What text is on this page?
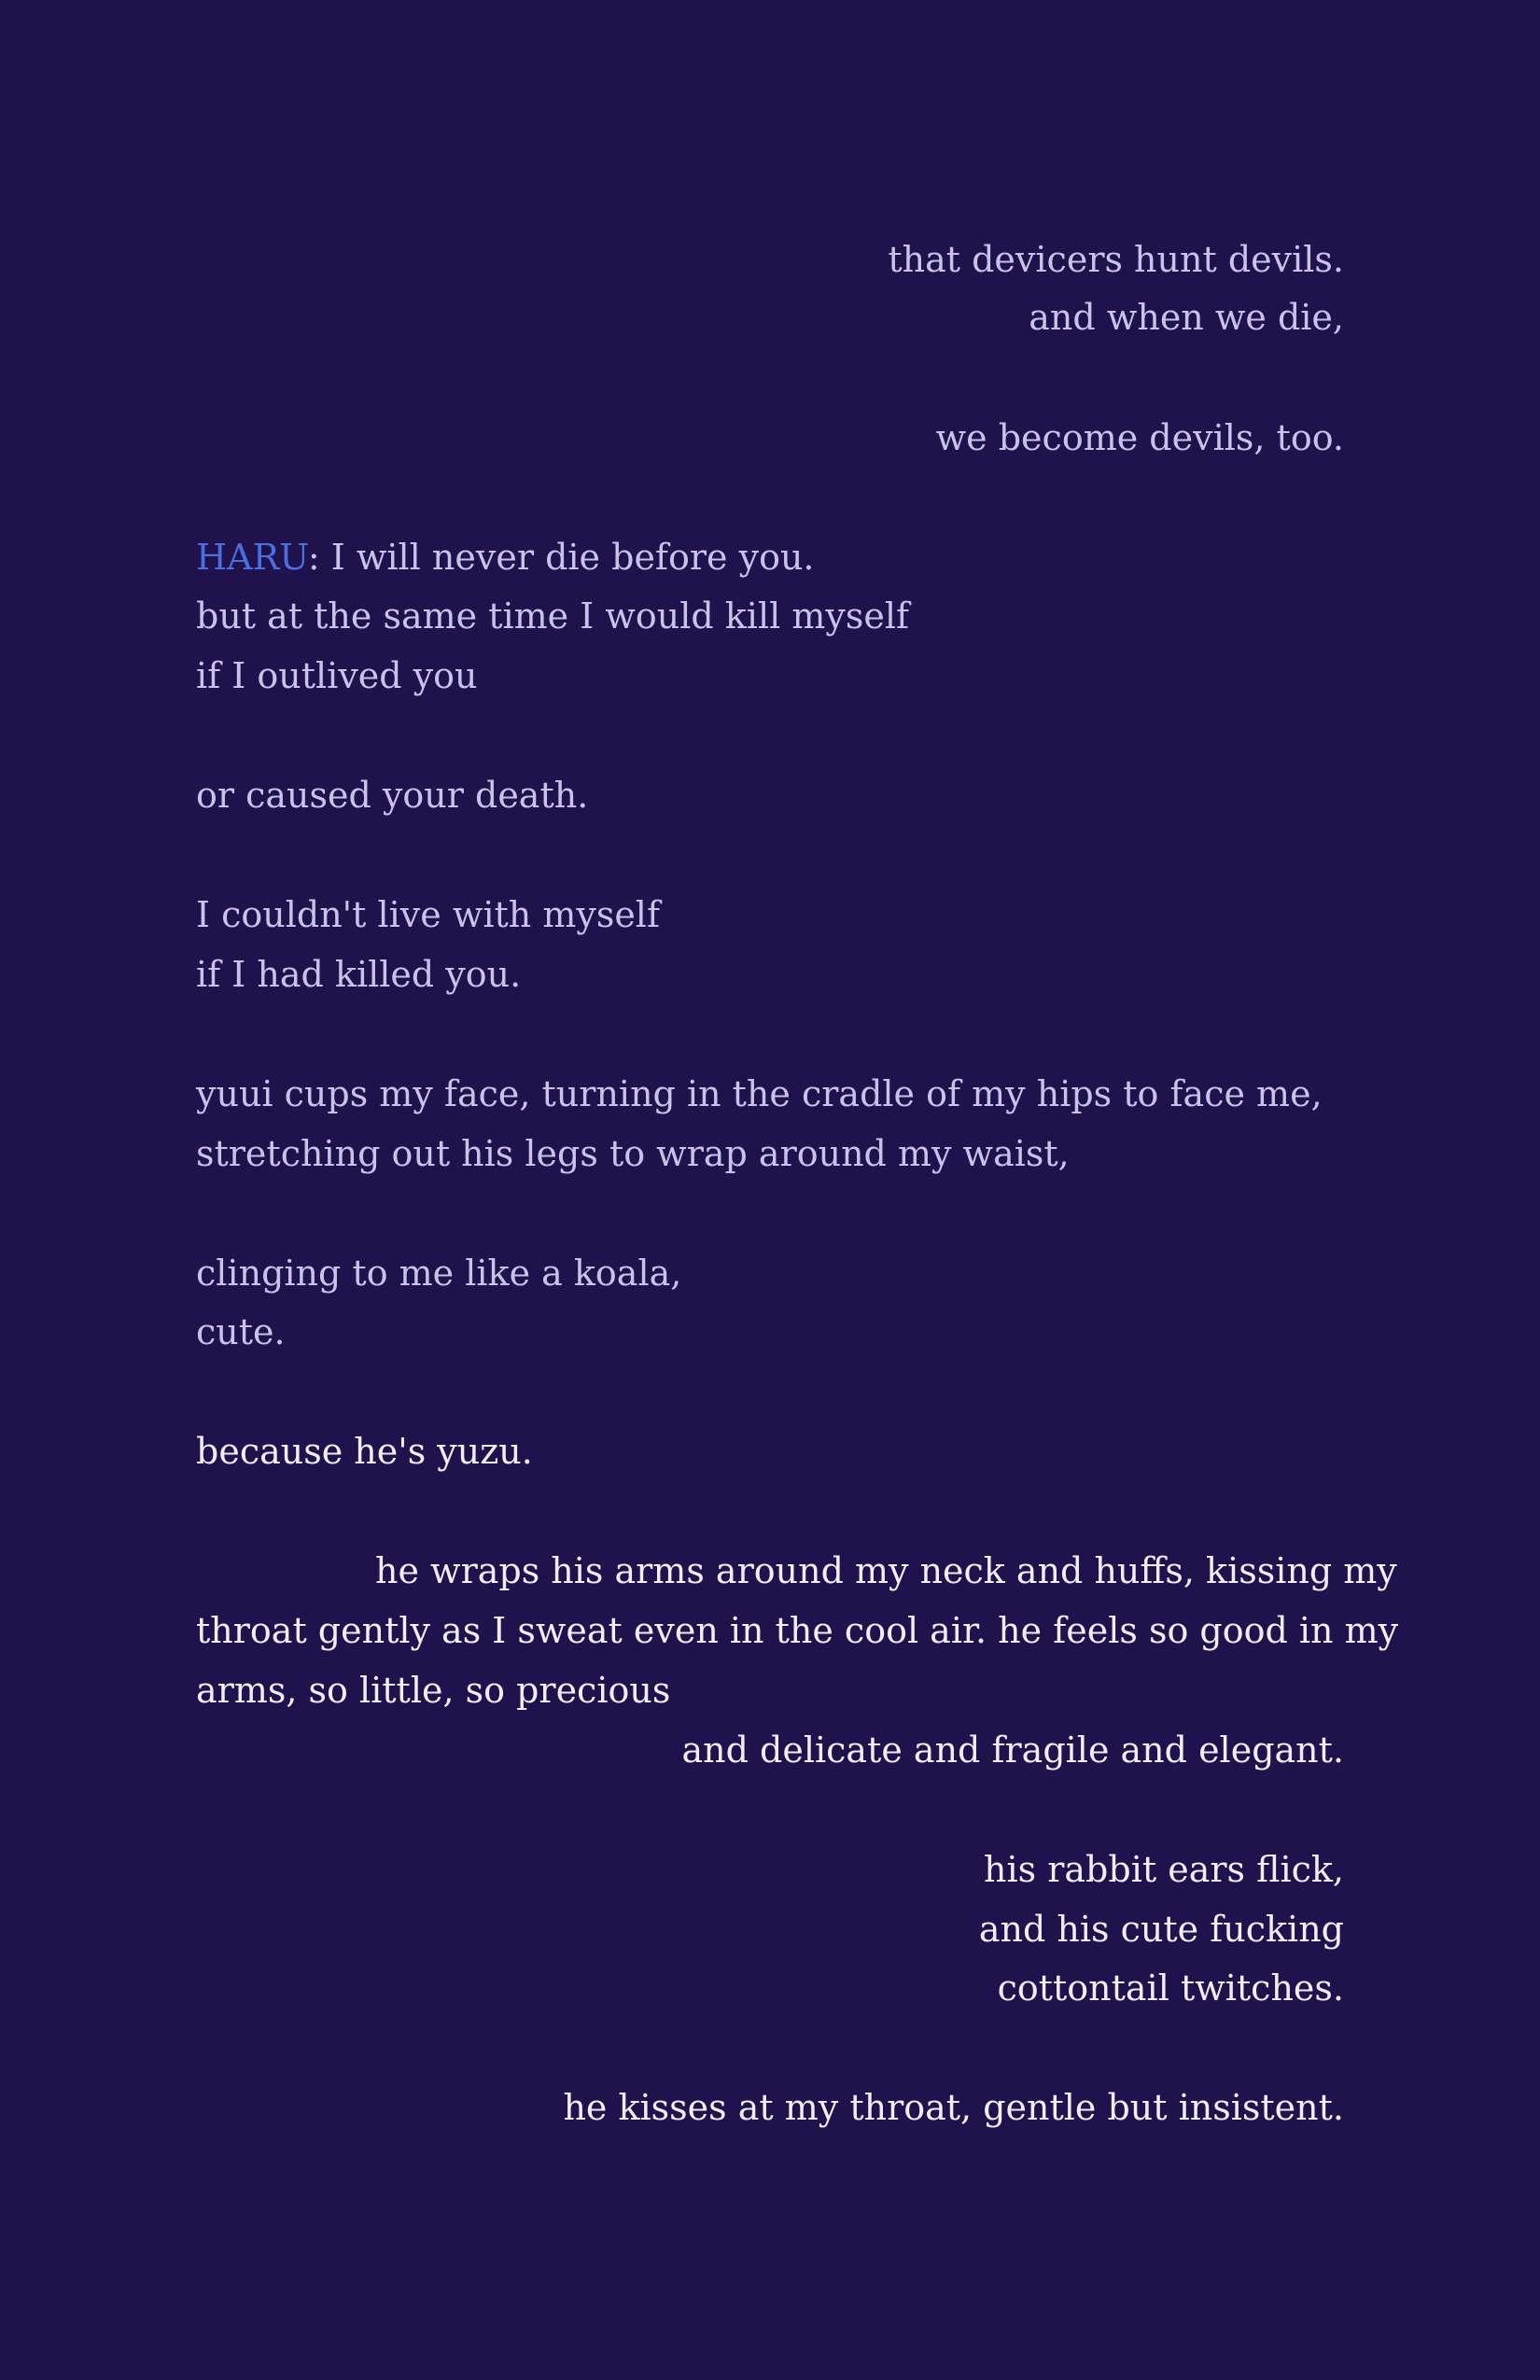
that devicers hunt devils.
and when we die,
we become devils, too.
HARU: I will never die before you.
but at the same time I would kill myself
if I outlived you
or caused your death.
I couldn't live with myself
if I had killed you.
yuui cups my face, turning in the cradle of my hips to face me,
stretching out his legs to wrap around my waist,
clinging to me like a koala,
cute.
because he's yuzu.
he wraps his arms around my neck and huffs, kissing my
throat gently as I sweat even in the cool air. he feels so good in my
arms, so little, so precious
and delicate and fragile and elegant.
his rabbit ears flick,
and his cute fucking
cottontail twitches.
he kisses at my throat, gentle but insistent.
